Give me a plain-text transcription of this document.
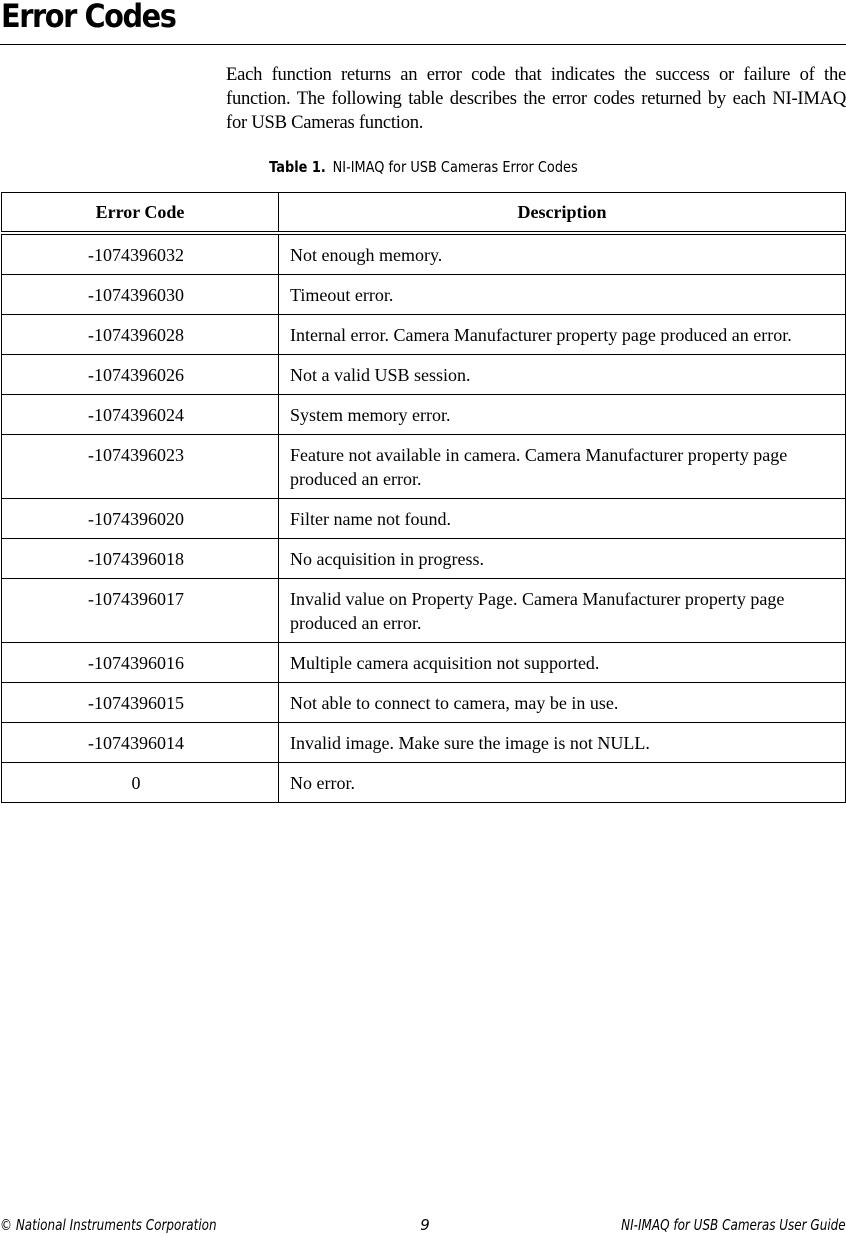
Error Codes

Each function returns an error code that indicates the success or failure of the function. The following table describes the error codes returned by each NI-IMAQ for USB Cameras function.

Table 1. NI-IMAQ for USB Cameras Error Codes
Error Code	Description
-1074396032	Not enough memory.
-1074396030	Timeout error.
-1074396028	Internal error. Camera Manufacturer property page produced an error.
-1074396026	Not a valid USB session.
-1074396024	System memory error.
-1074396023	Feature not available in camera. Camera Manufacturer property page produced an error.
-1074396020	Filter name not found.
-1074396018	No acquisition in progress.
-1074396017	Invalid value on Property Page. Camera Manufacturer property page produced an error.
-1074396016	Multiple camera acquisition not supported.
-1074396015	Not able to connect to camera, may be in use.
-1074396014	Invalid image. Make sure the image is not NULL.
0	No error.
© National Instruments Corporation	9	NI-IMAQ for USB Cameras User Guide
